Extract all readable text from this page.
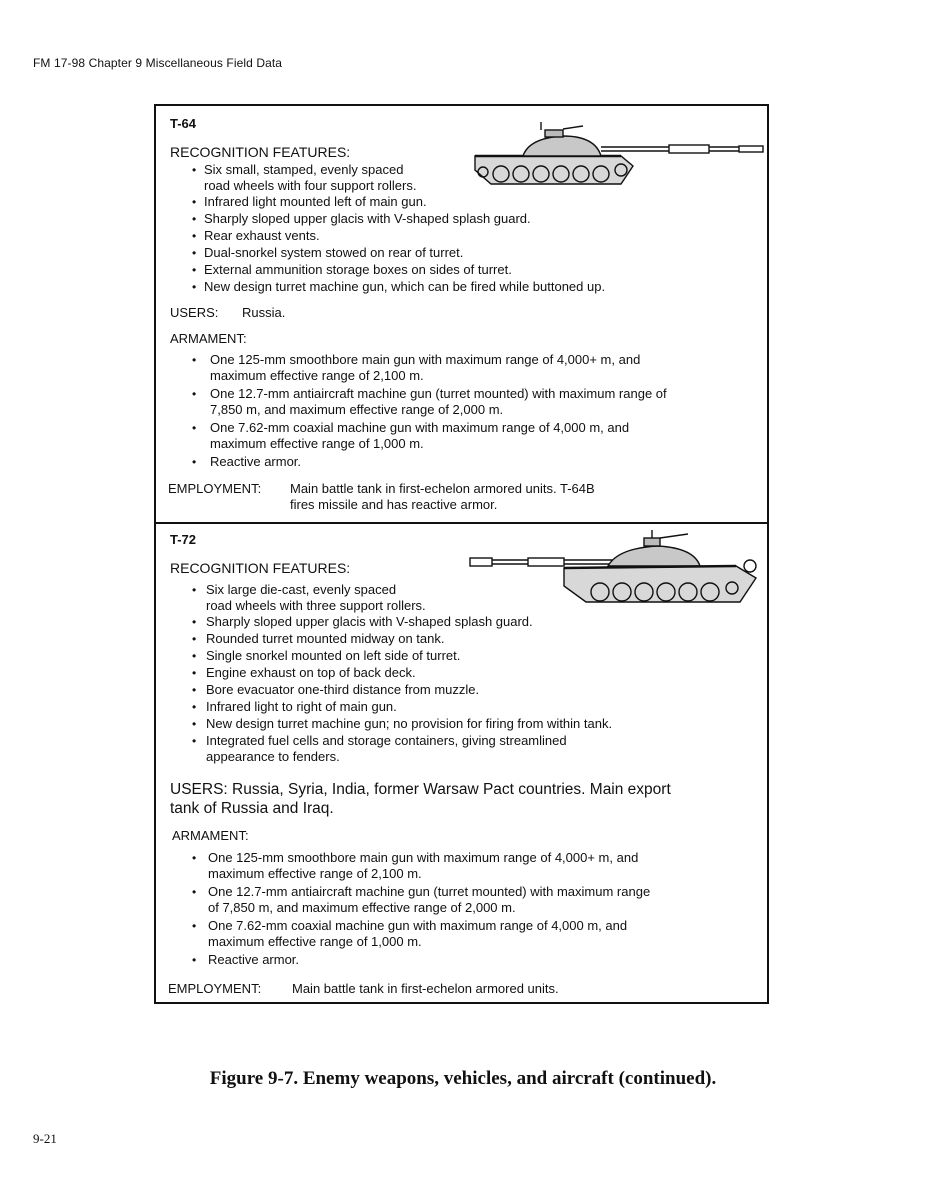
FM 17-98 Chapter 9 Miscellaneous Field Data
T-64
RECOGNITION FEATURES:
• Six small, stamped, evenly spaced
road wheels with four support rollers.
• Infrared light mounted left of main gun.
• Sharply sloped upper glacis with V-shaped splash guard.
• Rear exhaust vents.
• Dual-snorkel system stowed on rear of turret.
• External ammunition storage boxes on sides of turret.
• New design turret machine gun, which can be fired while buttoned up.
USERS: Russia.
ARMAMENT:
• One 125-mm smoothbore main gun with maximum range of 4,000+ m, and
maximum effective range of 2,100 m.
• One 12.7-mm antiaircraft machine gun (turret mounted) with maximum range of
7,850 m, and maximum effective range of 2,000 m.
• One 7.62-mm coaxial machine gun with maximum range of 4,000 m, and
maximum effective range of 1,000 m.
• Reactive armor.
EMPLOYMENT: Main battle tank in first-echelon armored units. T-64B
fires missile and has reactive armor.
T-72
RECOGNITION FEATURES:
• Six large die-cast, evenly spaced
road wheels with three support rollers.
• Sharply sloped upper glacis with V-shaped splash guard.
• Rounded turret mounted midway on tank.
• Single snorkel mounted on left side of turret.
• Engine exhaust on top of back deck.
• Bore evacuator one-third distance from muzzle.
• Infrared light to right of main gun.
• New design turret machine gun; no provision for firing from within tank.
• Integrated fuel cells and storage containers, giving streamlined
appearance to fenders.
USERS: Russia, Syria, India, former Warsaw Pact countries. Main export
tank of Russia and Iraq.
ARMAMENT:
• One 125-mm smoothbore main gun with maximum range of 4,000+ m, and
maximum effective range of 2,100 m.
• One 12.7-mm antiaircraft machine gun (turret mounted) with maximum range
of 7,850 m, and maximum effective range of 2,000 m.
• One 7.62-mm coaxial machine gun with maximum range of 4,000 m, and
maximum effective range of 1,000 m.
• Reactive armor.
EMPLOYMENT: Main battle tank in first-echelon armored units.
Figure 9-7. Enemy weapons, vehicles, and aircraft (continued).
9-21
